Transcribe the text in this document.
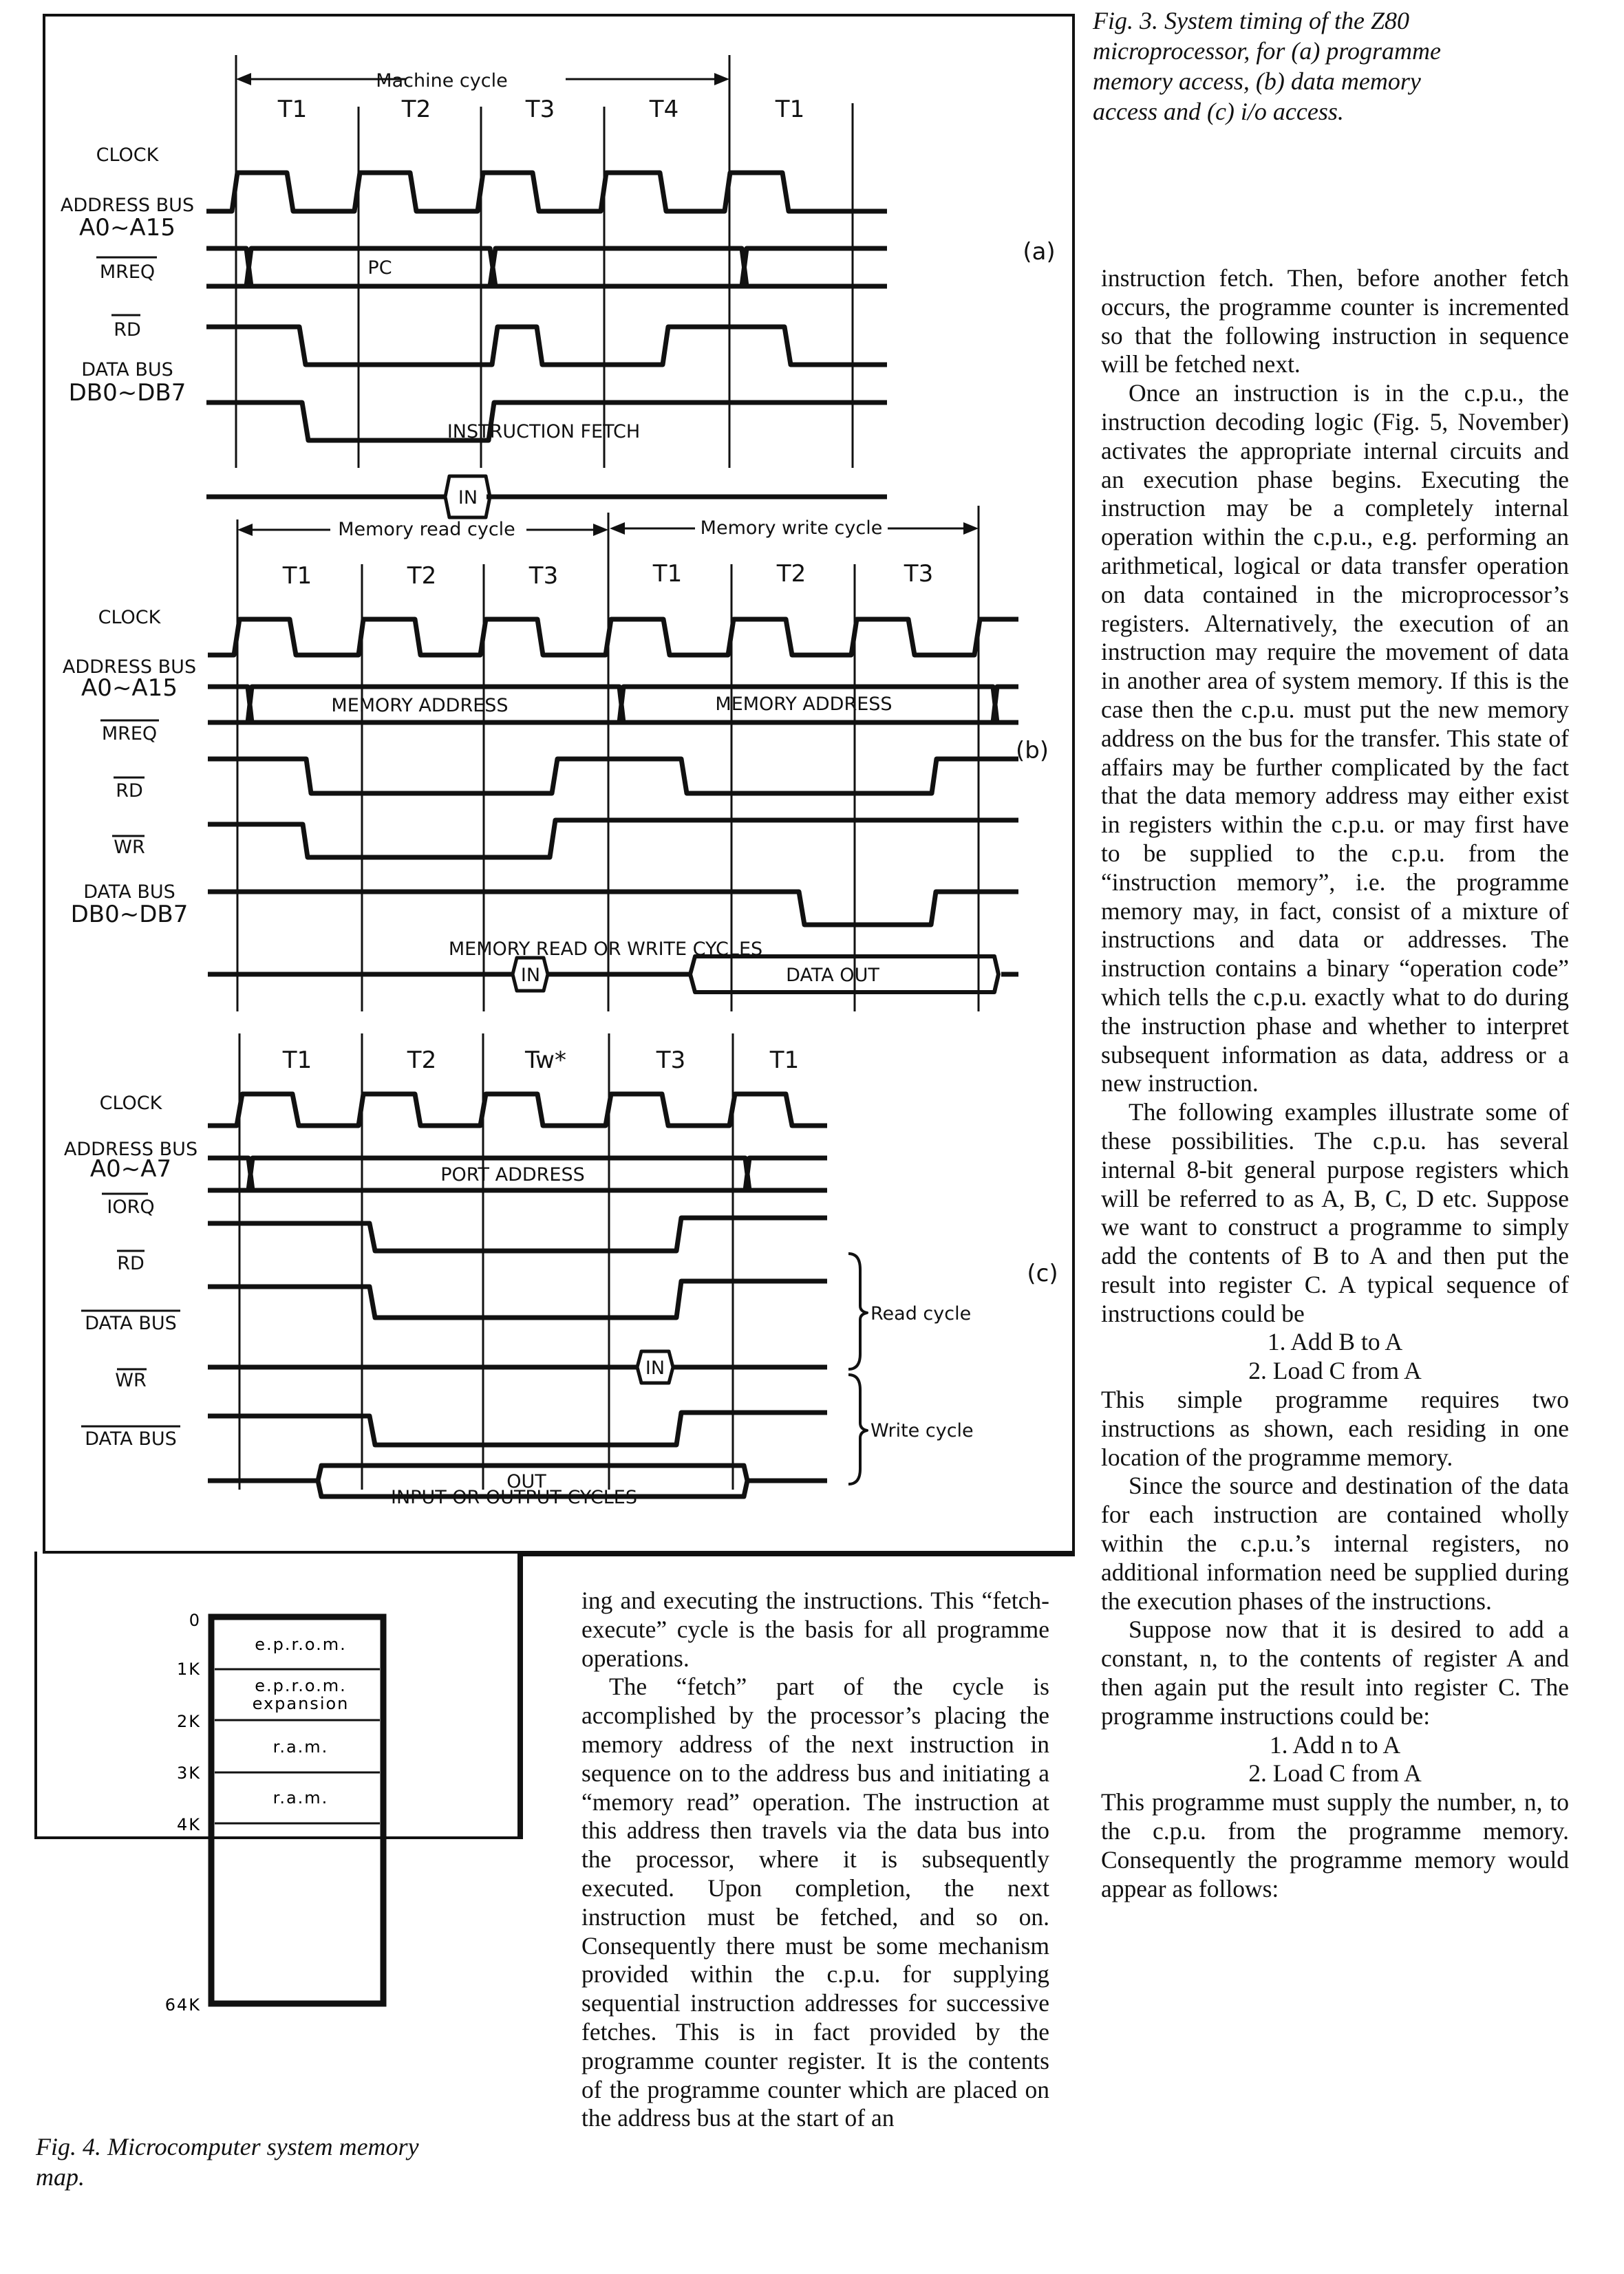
Fig. 3. System timing of the Z80
microprocessor, for (a) programme
memory access, (b) data memory
access and (c) i/o access.
Machine cycle
T1	T2	T3	T4	T1
CLOCK
ADDRESS BUS
A0~A15
MREQ
RD
DATA BUS
DB0~DB7
PC
IN
INSTRUCTION FETCH
(a)
Memory read cycle	Memory write cycle
T1	T2	T3	T1	T2	T3
CLOCK
ADDRESS BUS
A0~A15
MREQ
RD
WR
DATA BUS
DB0~DB7
MEMORY ADDRESS	MEMORY ADDRESS
IN	DATA OUT
MEMORY READ OR WRITE CYCLES
(b)
T1	T2	Tw*	T3	T1
CLOCK
ADDRESS BUS
A0~A7
IORQ
RD
DATA BUS
WR
DATA BUS
PORT ADDRESS
IN
OUT
Read cycle
Write cycle
INPUT OR OUTPUT CYCLES
(c)
e.p.r.o.m.
e.p.r.o.m.
expansion
r.a.m.
r.a.m.
0
1K
2K
3K
4K
64K
Fig. 4. Microcomputer system memory
map.

ing and executing the instructions. This “fetch-execute” cycle is the basis for all programme operations.

The “fetch” part of the cycle is accomplished by the processor’s placing the memory address of the next instruction in sequence on to the address bus and initiating a “memory read” operation. The instruction at this address then travels via the data bus into the processor, where it is subsequently executed. Upon completion, the next instruction must be fetched, and so on. Consequently there must be some mechanism provided within the c.p.u. for supplying sequential instruction addresses for successive fetches. This is in fact provided by the programme counter register. It is the contents of the programme counter which are placed on the address bus at the start of an

instruction fetch. Then, before another fetch occurs, the programme counter is incremented so that the following instruction in sequence will be fetched next.

Once an instruction is in the c.p.u., the instruction decoding logic (Fig. 5, November) activates the appropriate internal circuits and an execution phase begins. Executing the instruction may be a completely internal operation within the c.p.u., e.g. performing an arithmetical, logical or data transfer operation on data contained in the microprocessor’s registers. Alternatively, the execution of an instruction may require the movement of data in another area of system memory. If this is the case then the c.p.u. must put the new memory address on the bus for the transfer. This state of affairs may be further complicated by the fact that the data memory address may either exist in registers within the c.p.u. or may first have to be supplied to the c.p.u. from the “instruction memory”, i.e. the programme memory may, in fact, consist of a mixture of instructions and data or addresses. The instruction contains a binary “operation code” which tells the c.p.u. exactly what to do during the instruction phase and whether to interpret subsequent information as data, address or a new instruction.

The following examples illustrate some of these possibilities. The c.p.u. has several internal 8-bit general purpose registers which will be referred to as A, B, C, D etc. Suppose we want to construct a programme to simply add the contents of B to A and then put the result into register C. A typical sequence of instructions could be

1. Add B to A

2. Load C from A

This simple programme requires two instructions as shown, each residing in one location of the programme memory.

Since the source and destination of the data for each instruction are contained wholly within the c.p.u.’s internal registers, no additional information need be supplied during the execution phases of the instructions.

Suppose now that it is desired to add a constant, n, to the contents of register A and then again put the result into register C. The programme instructions could be:

1. Add n to A

2. Load C from A

This programme must supply the number, n, to the c.p.u. from the programme memory. Consequently the programme memory would appear as follows:
